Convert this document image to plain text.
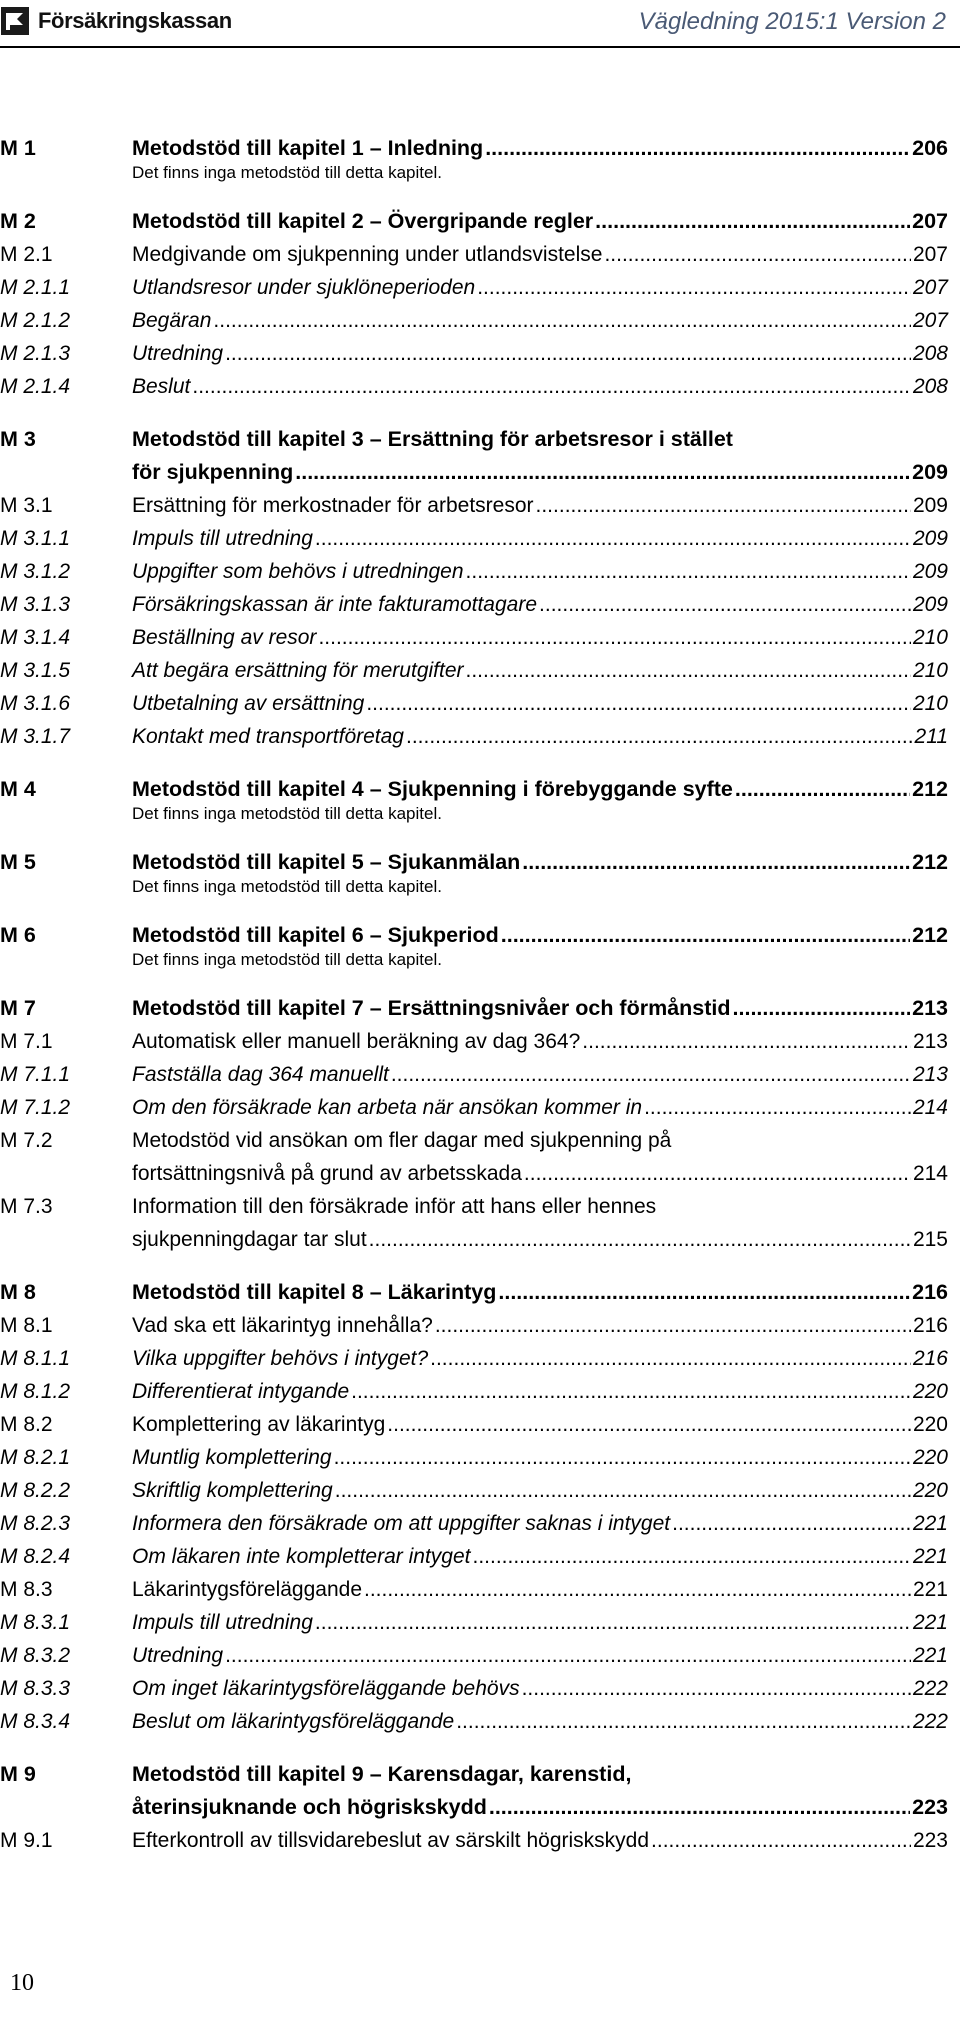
Försäkringskassan	Vägledning 2015:1 Version 2
M 1	Metodstöd till kapitel 1 – Inledning .....	206
Det finns inga metodstöd till detta kapitel.
M 2	Metodstöd till kapitel 2 – Övergripande regler .....	207
M 2.1	Medgivande om sjukpenning under utlandsvistelse .....	207
M 2.1.1	Utlandsresor under sjuklöneperioden .....	207
M 2.1.2	Begäran .....	207
M 2.1.3	Utredning .....	208
M 2.1.4	Beslut .....	208
M 3	Metodstöd till kapitel 3 – Ersättning för arbetsresor i stället
för sjukpenning .....	209
M 3.1	Ersättning för merkostnader för arbetsresor .....	209
M 3.1.1	Impuls till utredning .....	209
M 3.1.2	Uppgifter som behövs i utredningen .....	209
M 3.1.3	Försäkringskassan är inte fakturamottagare .....	209
M 3.1.4	Beställning av resor .....	210
M 3.1.5	Att begära ersättning för merutgifter .....	210
M 3.1.6	Utbetalning av ersättning .....	210
M 3.1.7	Kontakt med transportföretag .....	211
M 4	Metodstöd till kapitel 4 – Sjukpenning i förebyggande syfte .....	212
Det finns inga metodstöd till detta kapitel.
M 5	Metodstöd till kapitel 5 – Sjukanmälan .....	212
Det finns inga metodstöd till detta kapitel.
M 6	Metodstöd till kapitel 6 – Sjukperiod .....	212
Det finns inga metodstöd till detta kapitel.
M 7	Metodstöd till kapitel 7 – Ersättningsnivåer och förmånstid .....	213
M 7.1	Automatisk eller manuell beräkning av dag 364? .....	213
M 7.1.1	Fastställa dag 364 manuellt .....	213
M 7.1.2	Om den försäkrade kan arbeta när ansökan kommer in .....	214
M 7.2	Metodstöd vid ansökan om fler dagar med sjukpenning på
fortsättningsnivå på grund av arbetsskada .....	214
M 7.3	Information till den försäkrade inför att hans eller hennes
sjukpenningdagar tar slut .....	215
M 8	Metodstöd till kapitel 8 – Läkarintyg .....	216
M 8.1	Vad ska ett läkarintyg innehålla? .....	216
M 8.1.1	Vilka uppgifter behövs i intyget? .....	216
M 8.1.2	Differentierat intygande .....	220
M 8.2	Komplettering av läkarintyg .....	220
M 8.2.1	Muntlig komplettering .....	220
M 8.2.2	Skriftlig komplettering .....	220
M 8.2.3	Informera den försäkrade om att uppgifter saknas i intyget .....	221
M 8.2.4	Om läkaren inte kompletterar intyget .....	221
M 8.3	Läkarintygsföreläggande .....	221
M 8.3.1	Impuls till utredning .....	221
M 8.3.2	Utredning .....	221
M 8.3.3	Om inget läkarintygsföreläggande behövs .....	222
M 8.3.4	Beslut om läkarintygsföreläggande .....	222
M 9	Metodstöd till kapitel 9 – Karensdagar, karenstid,
återinsjuknande och högriskskydd .....	223
M 9.1	Efterkontroll av tillsvidarebeslut av särskilt högriskskydd .....	223
10
